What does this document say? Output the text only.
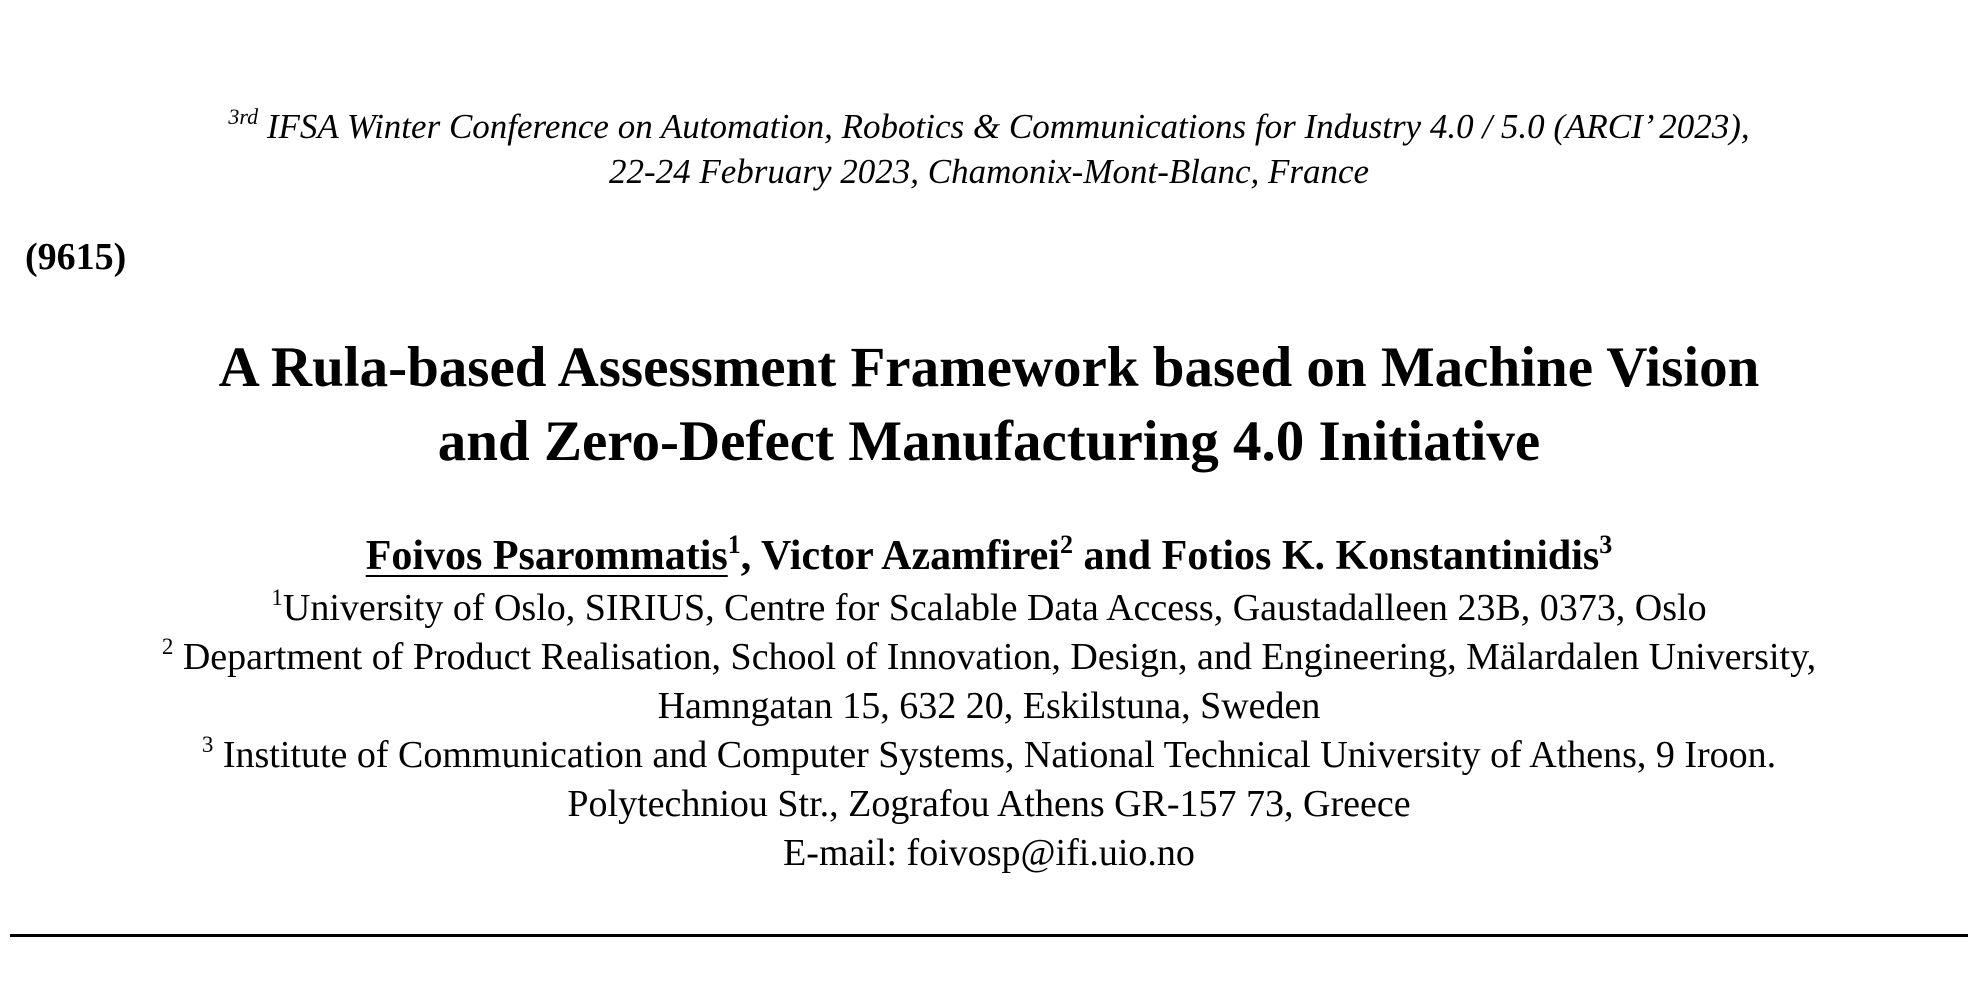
$^{3rd}$ IFSA Winter Conference on Automation, Robotics & Communications for Industry 4.0 / 5.0 (ARCI’ 2023),
22-24 February 2023, Chamonix-Mont-Blanc, France
(9615)
A Rula-based Assessment Framework based on Machine Vision
and Zero-Defect Manufacturing 4.0 Initiative
Foivos Psarommatis$^1$, Victor Azamfirei$^2$ and Fotios K. Konstantinidis$^3$
$^1$University of Oslo, SIRIUS, Centre for Scalable Data Access, Gaustadalleen 23B, 0373, Oslo
$^2$ Department of Product Realisation, School of Innovation, Design, and Engineering, Mälardalen University,
Hamngatan 15, 632 20, Eskilstuna, Sweden
$^3$ Institute of Communication and Computer Systems, National Technical University of Athens, 9 Iroon.
Polytechniou Str., Zografou Athens GR-157 73, Greece
E-mail: foivosp@ifi.uio.no
